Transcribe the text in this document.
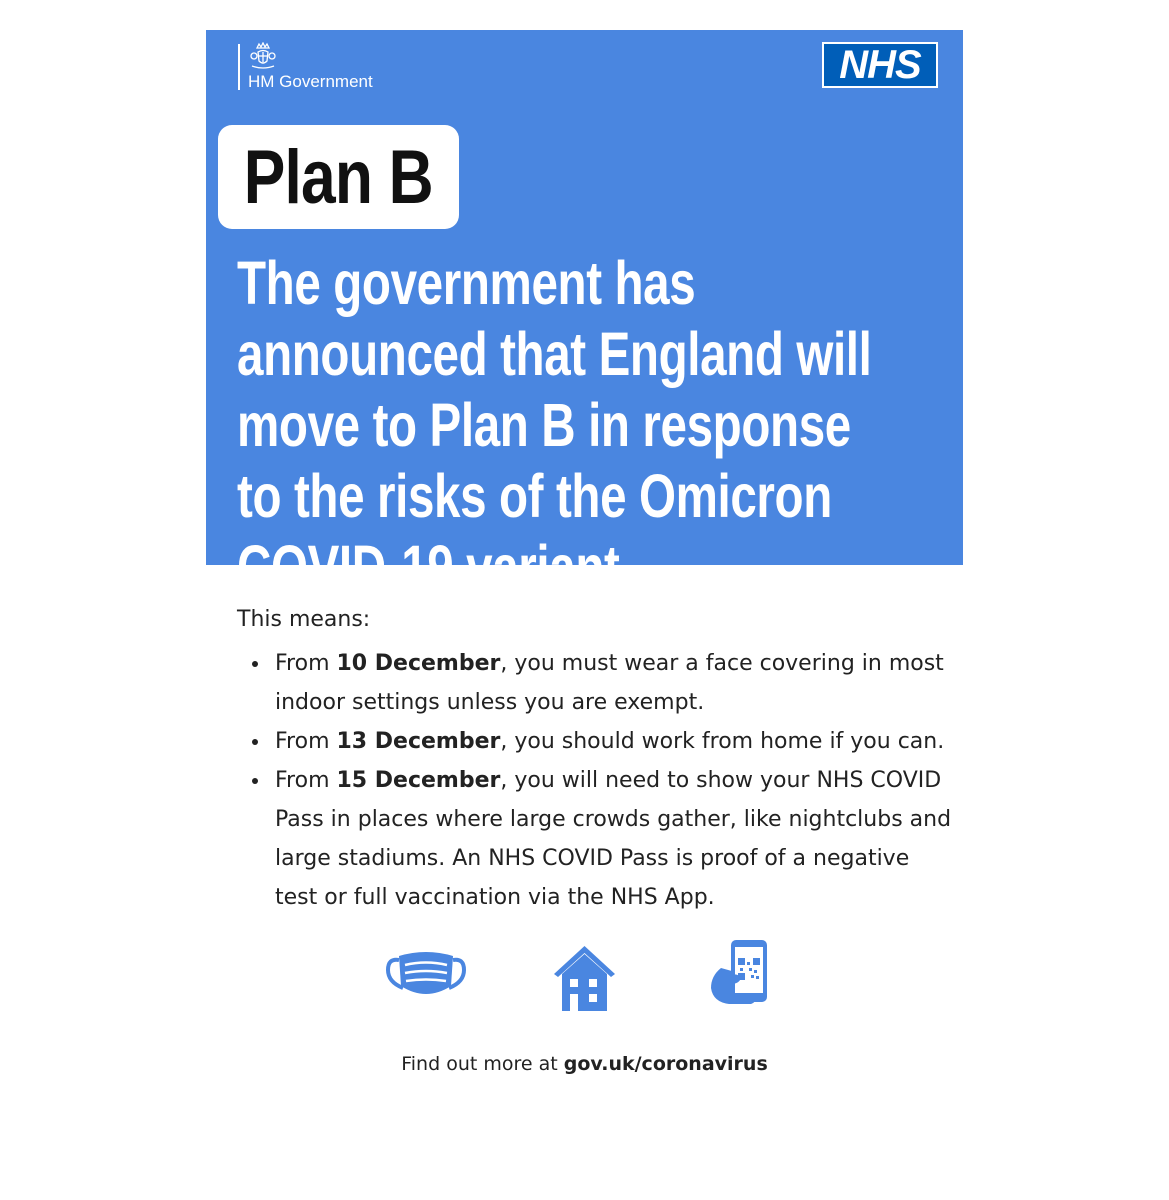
HM Government	NHS
Plan B

The government has announced that England will move to Plan B in response to the risks of the Omicron COVID-19 variant.

This means:

From 10 December, you must wear a face covering in most indoor settings unless you are exempt.
From 13 December, you should work from home if you can.
From 15 December, you will need to show your NHS COVID Pass in places where large crowds gather, like nightclubs and large stadiums. An NHS COVID Pass is proof of a negative test or full vaccination via the NHS App.
Find out more at gov.uk/coronavirus
